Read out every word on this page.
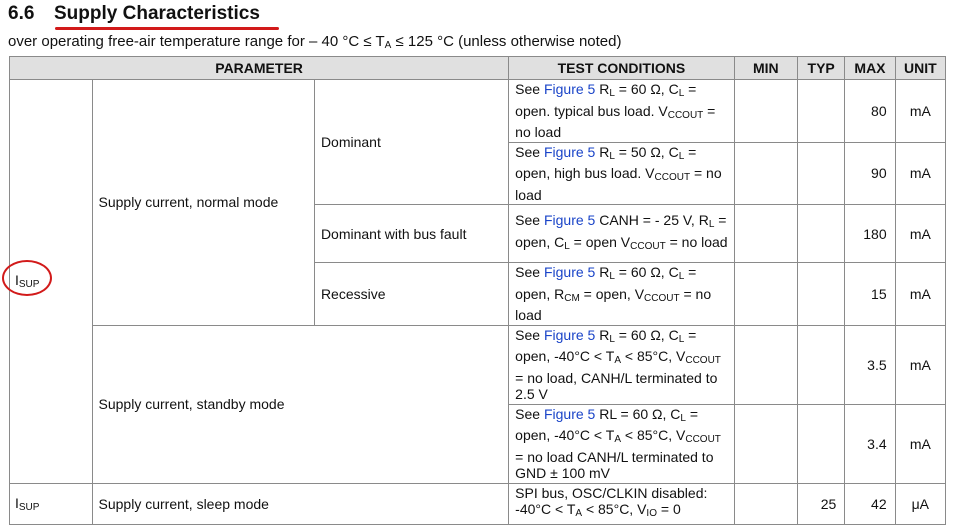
6.6 Supply Characteristics
over operating free-air temperature range for – 40 $^\circ C \le T_A \le 125$ °C (unless otherwise noted)
PARAMETER			TEST CONDITIONS	MIN	TYP	MAX	UNIT
$I_{SUP}$	Supply current, normal mode	Dominant	See Figure 5 $R_L = 60$ Ω, $C_L$ = open. typical bus load. $V_{CCOUT}$ = no load			80	mA
			See Figure 5 $R_L = 50$ Ω, $C_L$ = open, high bus load. $V_{CCOUT}$ = no load			90	mA
		Dominant with bus fault	See Figure 5 CANH = - 25 V, $R_L$ = open, $C_L$ = open $V_{CCOUT}$ = no load			180	mA
		Recessive	See Figure 5 $R_L = 60$ Ω, $C_L$ = open, $R_{CM}$ = open, $V_{CCOUT}$ = no load			15	mA
	Supply current, standby mode		See Figure 5 $R_L = 60$ Ω, $C_L$ = open, $-40^\circ C < T_A < 85^\circ C$, $V_{CCOUT}$ = no load, CANH/L terminated to 2.5 V			3.5	mA
			See Figure 5 RL = 60 Ω, $C_L$ = open, $-40^\circ C < T_A < 85^\circ C$, $V_{CCOUT}$ = no load CANH/L terminated to GND ± 100 mV			3.4	mA
$I_{SUP}$	Supply current, sleep mode		SPI bus, OSC/CLKIN disabled: $-40^\circ C < T_A < 85^\circ C$, $V_{IO} = 0$		25	42	μA
